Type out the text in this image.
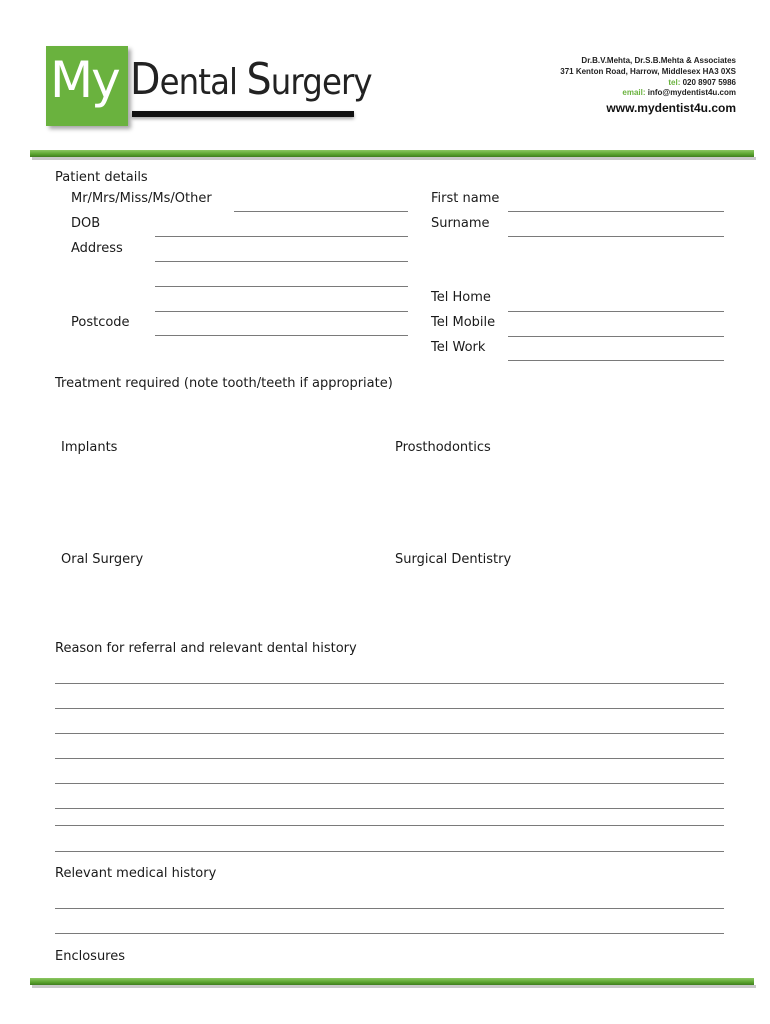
My Dental Surgery
Dr.B.V.Mehta, Dr.S.B.Mehta & Associates
371 Kenton Road, Harrow, Middlesex HA3 0XS
tel: 020 8907 5986
email: info@mydentist4u.com
www.mydentist4u.com
Patient details
Mr/Mrs/Miss/Ms/Other	First name
DOB	Surname
Address
Tel Home
Postcode	Tel Mobile
Tel Work
Treatment required (note tooth/teeth if appropriate)
Implants	Prosthodontics
Oral Surgery	Surgical Dentistry
Reason for referral and relevant dental history
Relevant medical history
Enclosures
